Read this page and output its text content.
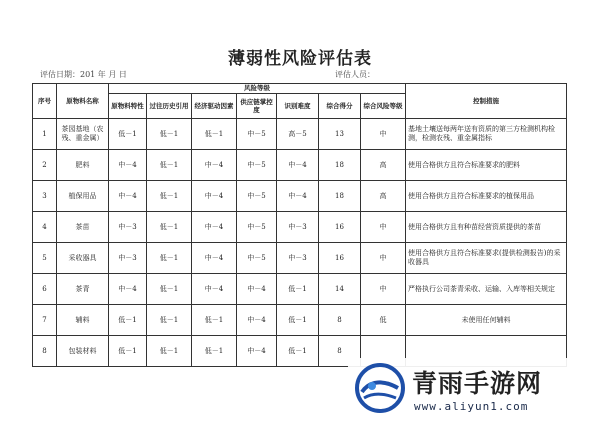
薄弱性风险评估表
评估日期：201 年 月 日	评估人员：
序号	原物料名称	风险等级							控制措施
		原物料特性	过往历史引用	经济驱动因素	供应链掌控度	识别难度	综合得分	综合风险等级	
1	茶园基地（农残、重金属）	低－1	低－1	低－1	中－5	高－5	13	中	基地土壤送每两年送有资质的第三方检测机构检测，检测农残、重金属指标
2	肥料	中－4	低－1	中－4	中－5	中－4	18	高	使用合格供方且符合标准要求的肥料
3	植保用品	中－4	低－1	中－4	中－5	中－4	18	高	使用合格供方且符合标准要求的植保用品
4	茶苗	中－3	低－1	中－4	中－5	中－3	16	中	使用合格供方且有种苗经营资质提供的茶苗
5	采收器具	中－3	低－1	中－4	中－5	中－3	16	中	使用合格供方且符合标准要求(提供检测报告)的采收器具
6	茶青	中－4	低－1	中－4	中－4	低－1	14	中	严格执行公司茶青采收、运输、入库等相关规定
7	辅料	低－1	低－1	低－1	中－4	低－1	8	低	未使用任何辅料
8	包装材料	低－1	低－1	低－1	中－4	低－1	8		
青雨手游网
www.aliyun1.com
